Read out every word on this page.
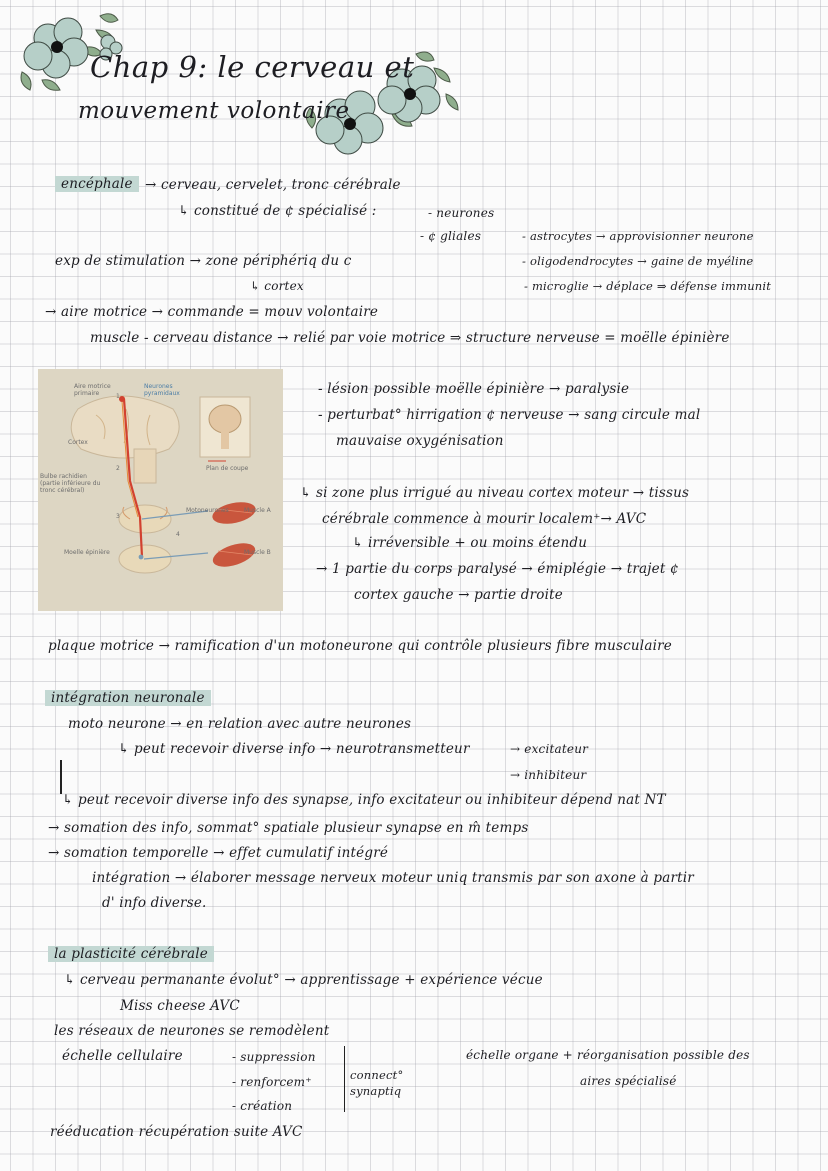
Chap 9: le cerveau et
mouvement volontaire
encéphale → cerveau, cervelet, tronc cérébrale
↳ constitué de ¢ spécialisé :	- neurones
- ¢ gliales	- astrocytes → approvisionner neurone
- oligodendrocytes → gaine de myéline
- microglie → déplace ⇒ défense immunit
exp de stimulation → zone périphériq du c
↳ cortex
→ aire motrice → commande = mouv volontaire
muscle - cerveau distance → relié par voie motrice ⇒ structure nerveuse = moëlle épinière
Aire motrice primaire
Neurones pyramidaux
Cortex
Bulbe rachidien (partie inférieure du tronc cérébral)
Plan de coupe
Motoneurones	Muscle A
Muscle B
Moelle épinière
1
2
3
4
- lésion possible moëlle épinière → paralysie
- perturbat° hirrigation ¢ nerveuse → sang circule mal
mauvaise oxygénisation
↳ si zone plus irrigué au niveau cortex moteur → tissus
cérébrale commence à mourir localem⁺→ AVC
↳ irréversible + ou moins étendu
→ 1 partie du corps paralysé → émiplégie → trajet ¢
cortex gauche → partie droite
plaque motrice → ramification d'un motoneurone qui contrôle plusieurs fibre musculaire
intégration neuronale
moto neurone → en relation avec autre neurones
↳ peut recevoir diverse info → neurotransmetteur	→ excitateur
→ inhibiteur
↳ peut recevoir diverse info des synapse, info excitateur ou inhibiteur dépend nat NT
→ somation des info, sommat° spatiale plusieur synapse en m̂ temps
→ somation temporelle → effet cumulatif intégré
intégration → élaborer message nerveux moteur uniq transmis par son axone à partir
d' info diverse.
la plasticité cérébrale
↳ cerveau permanante évolut° → apprentissage + expérience vécue
Miss cheese AVC
les réseaux de neurones se remodèlent
échelle cellulaire	- suppression
- renforcem⁺
- création
connect°
synaptiq
échelle organe + réorganisation possible des
aires spécialisé
rééducation récupération suite AVC
